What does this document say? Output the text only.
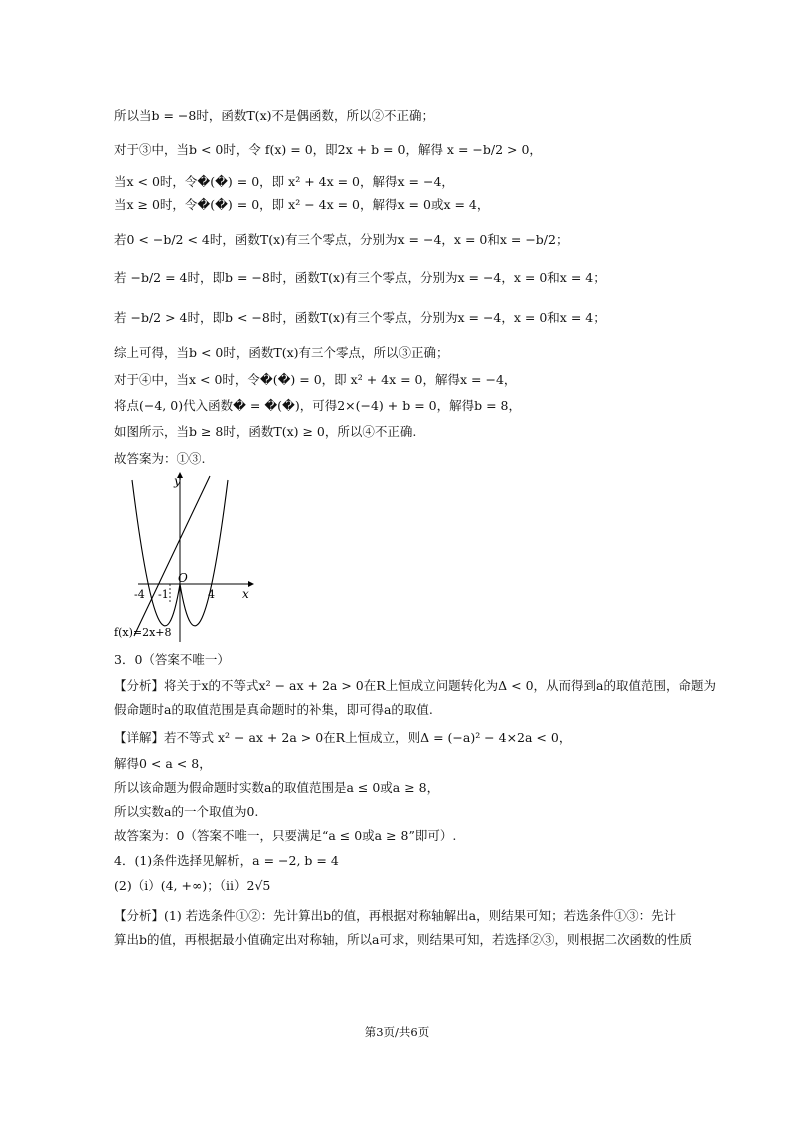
所以当b = −8时，函数T(x)不是偶函数，所以②不正确；
对于③中，当b < 0时，令 f(x) = 0，即2x + b = 0，解得 x = −b/2 > 0，
当x < 0时，令�(�) = 0，即 x² + 4x = 0，解得x = −4，
当x ≥ 0时，令�(�) = 0，即 x² − 4x = 0，解得x = 0或x = 4，
若0 < −b/2 < 4时，函数T(x)有三个零点，分别为x = −4，x = 0和x = −b/2；
若 −b/2 = 4时，即b = −8时，函数T(x)有三个零点，分别为x = −4，x = 0和x = 4；
若 −b/2 > 4时，即b < −8时，函数T(x)有三个零点，分别为x = −4，x = 0和x = 4；
综上可得，当b < 0时，函数T(x)有三个零点，所以③正确；
对于④中，当x < 0时，令�(�) = 0，即 x² + 4x = 0，解得x = −4，
将点(−4, 0)代入函数� = �(�)，可得2×(−4) + b = 0，解得b = 8，
如图所示，当b ≥ 8时，函数T(x) ≥ 0，所以④不正确.
故答案为：①③.
y
x
O
-4 -1	4
f(x)=2x+8
3．0（答案不唯一）
【分析】将关于x的不等式x² − ax + 2a > 0在R上恒成立问题转化为Δ < 0，从而得到a的取值范围，命题为
假命题时a的取值范围是真命题时的补集，即可得a的取值.
【详解】若不等式 x² − ax + 2a > 0在R上恒成立，则Δ = (−a)² − 4×2a < 0，
解得0 < a < 8，
所以该命题为假命题时实数a的取值范围是a ≤ 0或a ≥ 8，
所以实数a的一个取值为0.
故答案为：0（答案不唯一，只要满足“a ≤ 0或a ≥ 8”即可）.
4．(1)条件选择见解析，a = −2, b = 4
(2)（i）(4, +∞)；（ii）2√5
【分析】(1) 若选条件①②：先计算出b的值，再根据对称轴解出a，则结果可知；若选条件①③：先计
算出b的值，再根据最小值确定出对称轴，所以a可求，则结果可知，若选择②③，则根据二次函数的性质
第3页/共6页
